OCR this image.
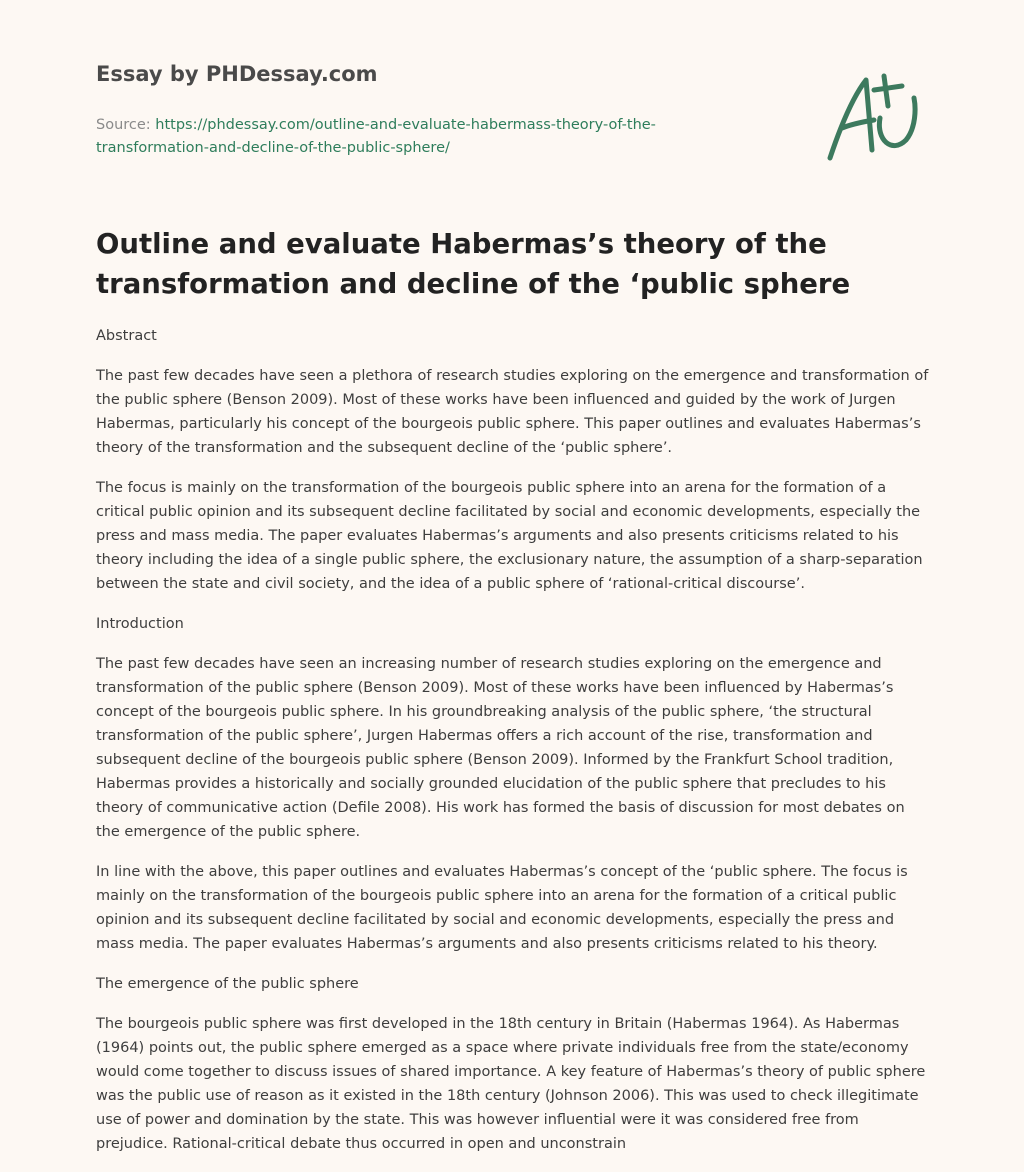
Essay by PHDessay.com
Source: https://phdessay.com/outline-and-evaluate-habermass-theory-of-the-
transformation-and-decline-of-the-public-sphere/
Outline and evaluate Habermas’s theory of the transformation and decline of the ‘public sphere

Abstract

The past few decades have seen a plethora of research studies exploring on the emergence and transformation of the public sphere (Benson 2009). Most of these works have been influenced and guided by the work of Jurgen Habermas, particularly his concept of the bourgeois public sphere. This paper outlines and evaluates Habermas’s theory of the transformation and the subsequent decline of the ‘public sphere’.

The focus is mainly on the transformation of the bourgeois public sphere into an arena for the formation of a critical public opinion and its subsequent decline facilitated by social and economic developments, especially the press and mass media. The paper evaluates Habermas’s arguments and also presents criticisms related to his theory including the idea of a single public sphere, the exclusionary nature, the assumption of a sharp-separation between the state and civil society, and the idea of a public sphere of ‘rational-critical discourse’.

Introduction

The past few decades have seen an increasing number of research studies exploring on the emergence and transformation of the public sphere (Benson 2009). Most of these works have been influenced by Habermas’s concept of the bourgeois public sphere. In his groundbreaking analysis of the public sphere, ‘the structural transformation of the public sphere’, Jurgen Habermas offers a rich account of the rise, transformation and subsequent decline of the bourgeois public sphere (Benson 2009). Informed by the Frankfurt School tradition, Habermas provides a historically and socially grounded elucidation of the public sphere that precludes to his theory of communicative action (Defile 2008). His work has formed the basis of discussion for most debates on the emergence of the public sphere.

In line with the above, this paper outlines and evaluates Habermas’s concept of the ‘public sphere. The focus is mainly on the transformation of the bourgeois public sphere into an arena for the formation of a critical public opinion and its subsequent decline facilitated by social and economic developments, especially the press and mass media. The paper evaluates Habermas’s arguments and also presents criticisms related to his theory.

The emergence of the public sphere

The bourgeois public sphere was first developed in the 18th century in Britain (Habermas 1964). As Habermas (1964) points out, the public sphere emerged as a space where private individuals free from the state/economy would come together to discuss issues of shared importance. A key feature of Habermas’s theory of public sphere was the public use of reason as it existed in the 18th century (Johnson 2006). This was used to check illegitimate use of power and domination by the state. This was however influential were it was considered free from prejudice. Rational-critical debate thus occurred in open and unconstrain
